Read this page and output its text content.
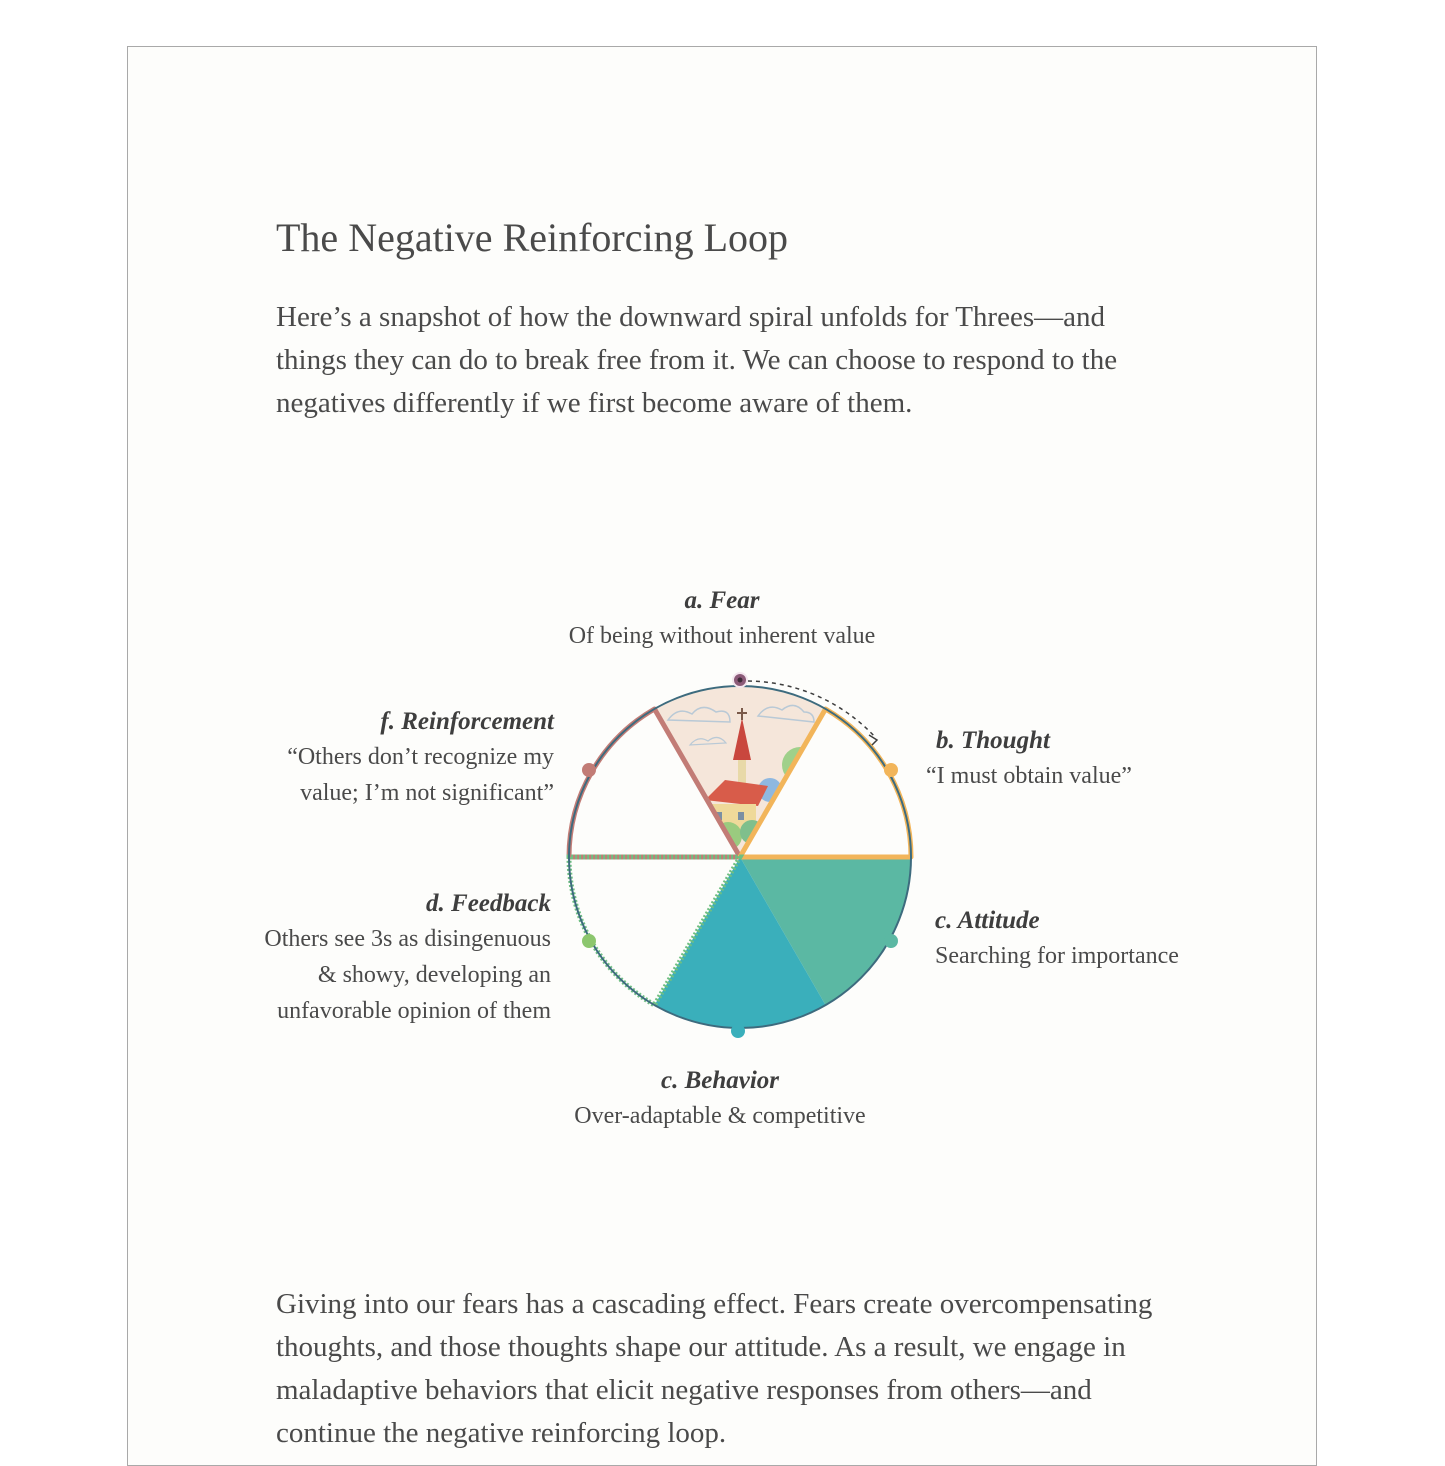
The Negative Reinforcing Loop

Here’s a snapshot of how the downward spiral unfolds for Threes—and things they can do to break free from it. We can choose to respond to the negatives differently if we first become aware of them.

a. Fear
Of being without inherent value
b. Thought
“I must obtain value”
c. Attitude
Searching for importance
c. Behavior
Over-adaptable & competitive
d. Feedback
Others see 3s as disingenuous
& showy, developing an
unfavorable opinion of them
f. Reinforcement
“Others don’t recognize my
value; I’m not significant”

Giving into our fears has a cascading effect. Fears create overcompensating thoughts, and those thoughts shape our attitude. As a result, we engage in maladaptive behaviors that elicit negative responses from others—and continue the negative reinforcing loop.
